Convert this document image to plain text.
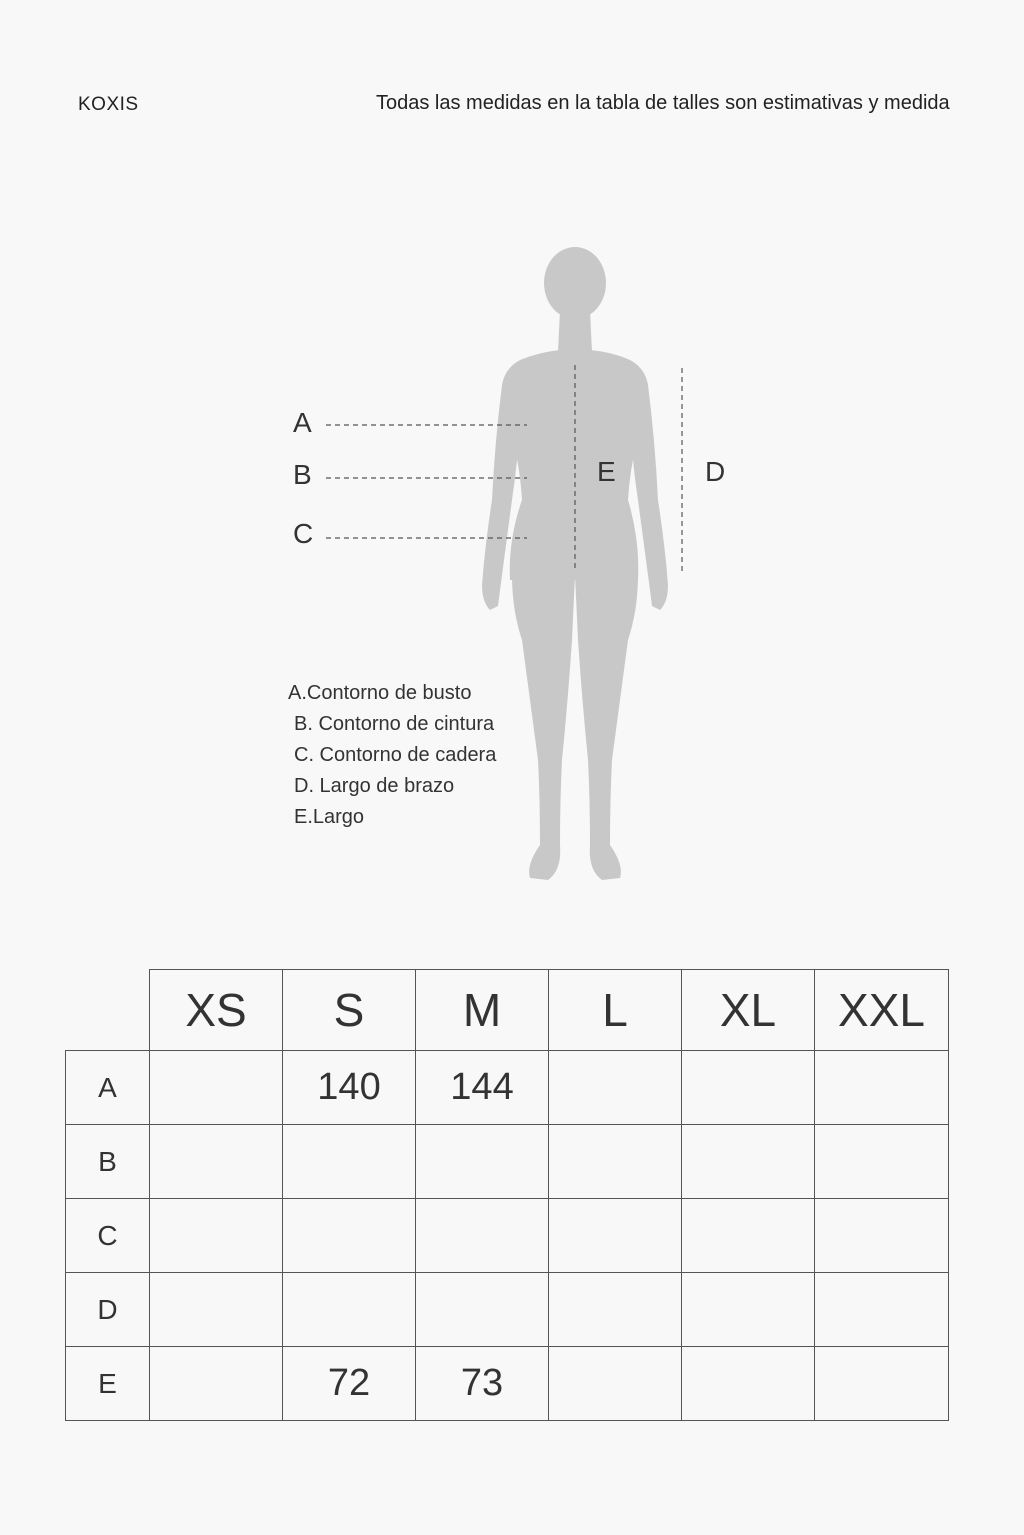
KOXIS	Todas las medidas en la tabla de talles son estimativas y medida
A
B
C
E	D
A.Contorno de busto
B. Contorno de cintura
C. Contorno de cadera
D. Largo de brazo
E.Largo
	XS	S	M	L	XL	XXL
A		140	144			
B						
C						
D						
E		72	73			
